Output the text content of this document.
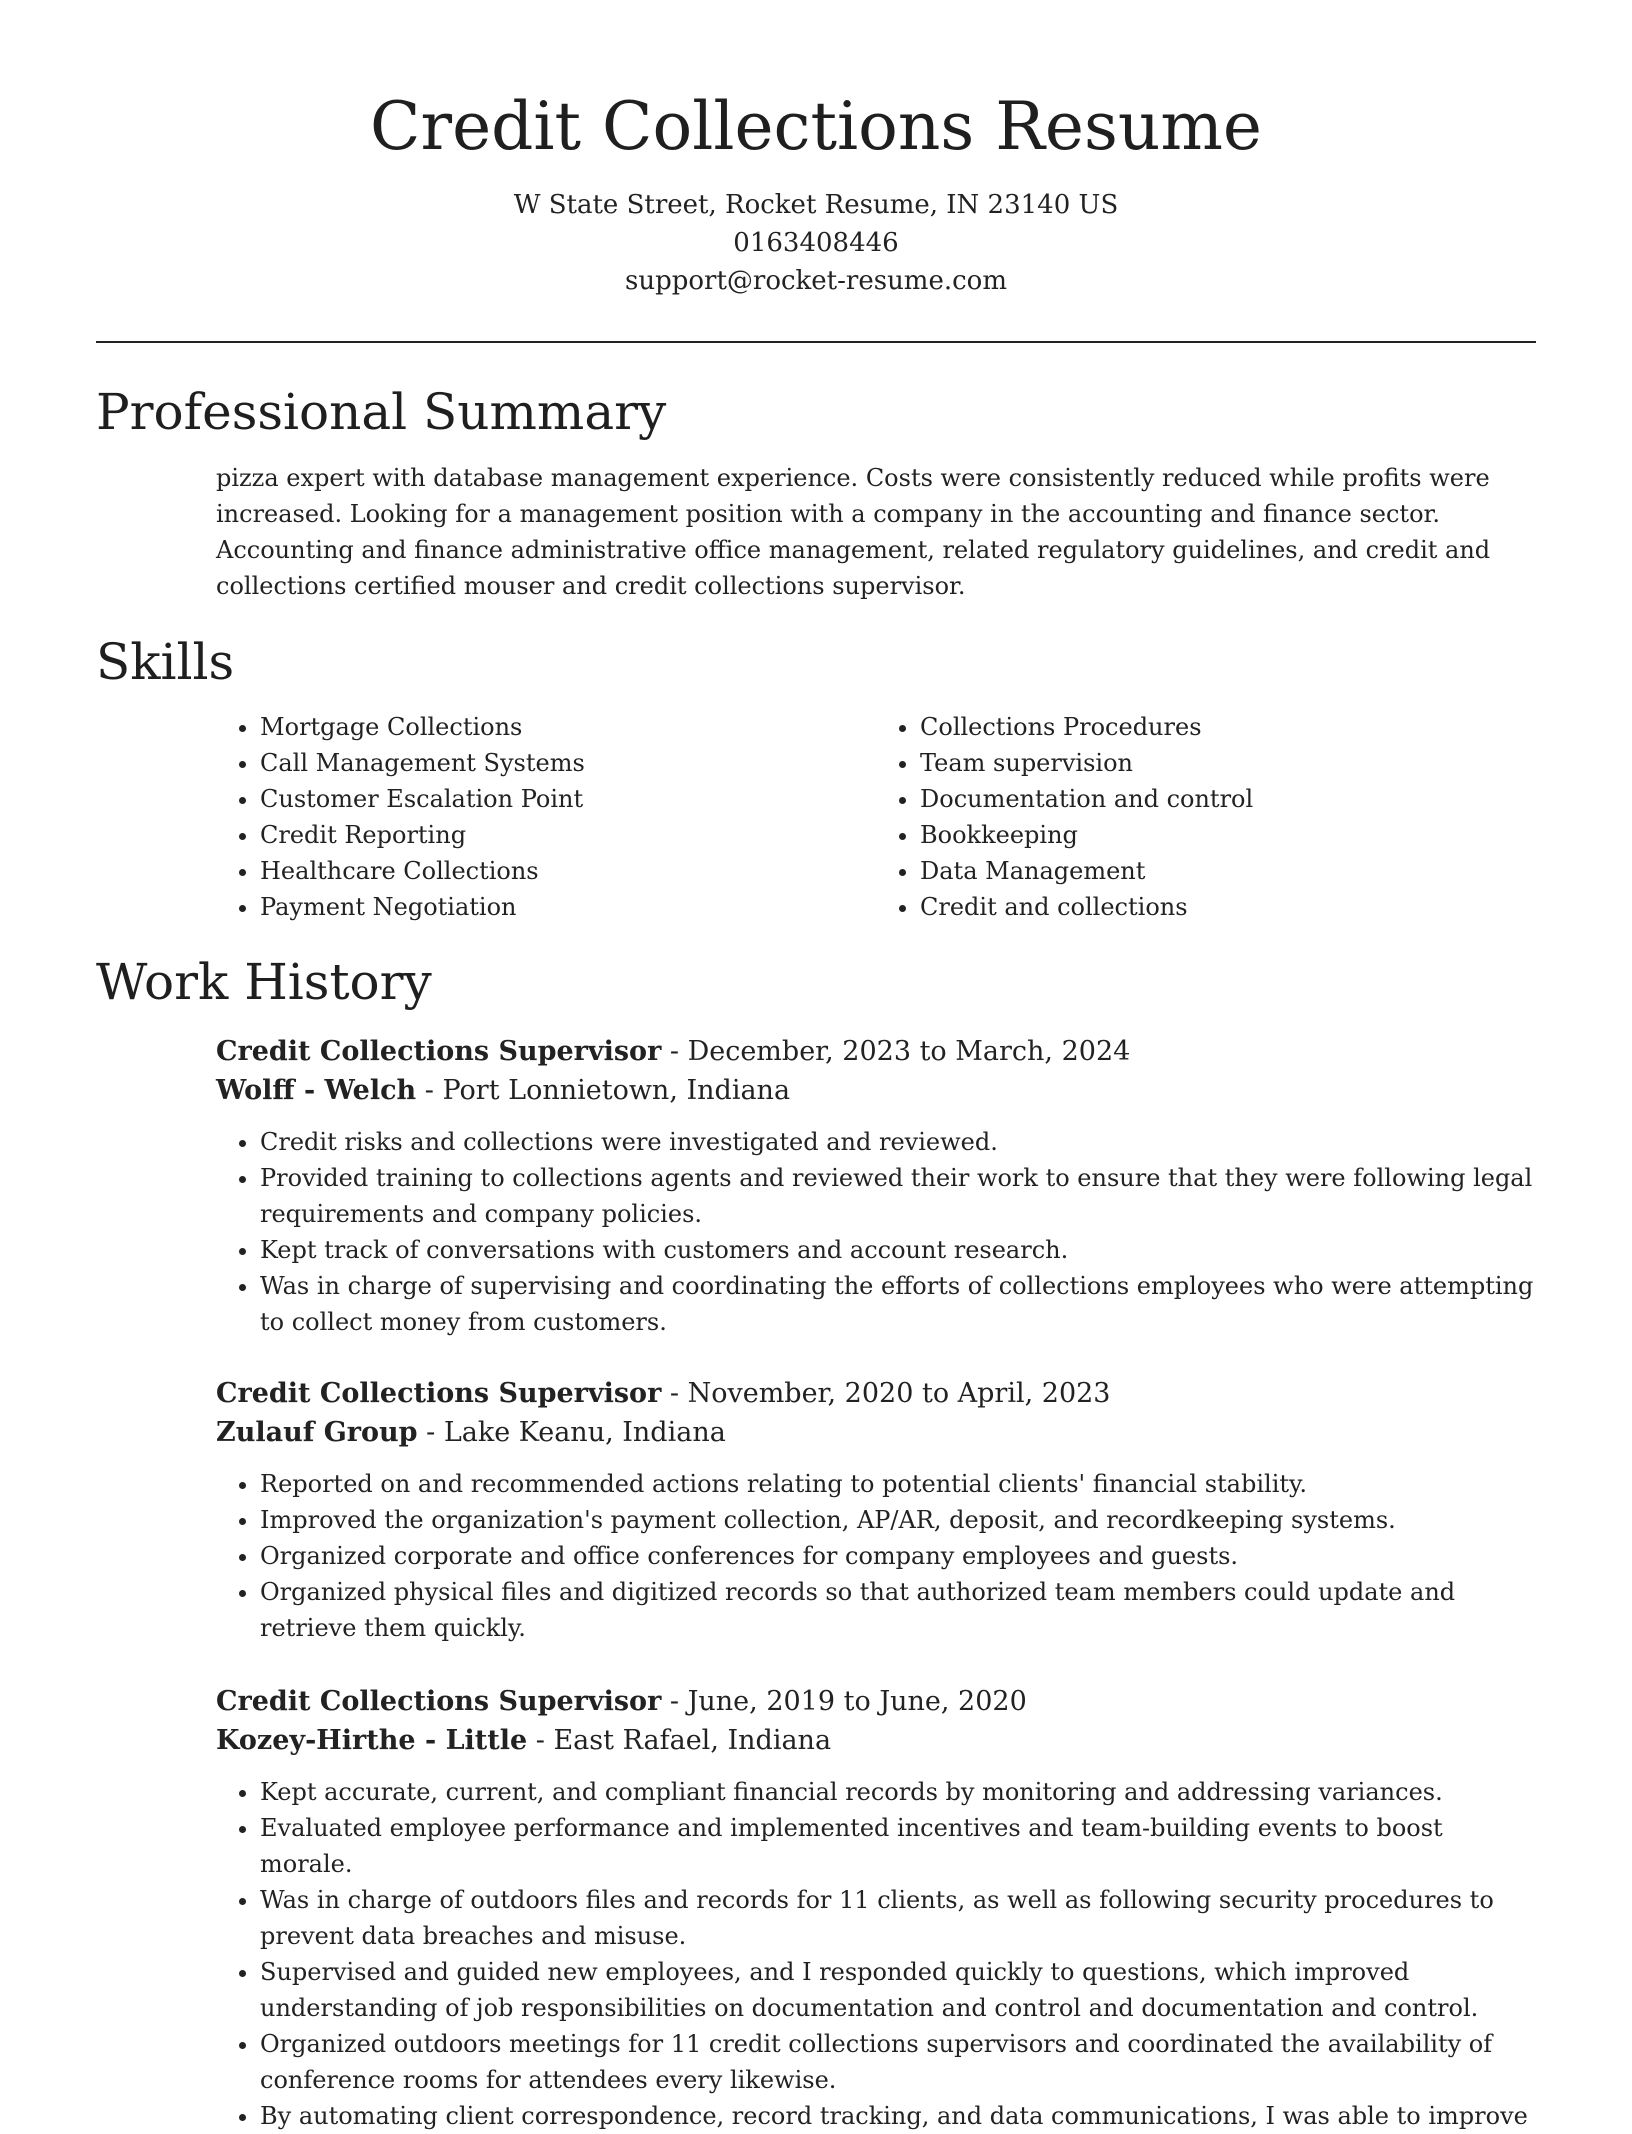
Credit Collections Resume
W State Street, Rocket Resume, IN 23140 US
0163408446
support@rocket-resume.com
Professional Summary

pizza expert with database management experience. Costs were consistently reduced while profits were increased. Looking for a management position with a company in the accounting and finance sector. Accounting and finance administrative office management, related regulatory guidelines, and credit and collections certified mouser and credit collections supervisor.

Skills
• Mortgage Collections
• Call Management Systems
• Customer Escalation Point
• Credit Reporting
• Healthcare Collections
• Payment Negotiation
• Collections Procedures
• Team supervision
• Documentation and control
• Bookkeeping
• Data Management
• Credit and collections
Work History
Credit Collections Supervisor - December, 2023 to March, 2024
Wolff - Welch - Port Lonnietown, Indiana
• Credit risks and collections were investigated and reviewed.
• Provided training to collections agents and reviewed their work to ensure that they were following legal requirements and company policies.
• Kept track of conversations with customers and account research.
• Was in charge of supervising and coordinating the efforts of collections employees who were attempting to collect money from customers.
Credit Collections Supervisor - November, 2020 to April, 2023
Zulauf Group - Lake Keanu, Indiana
• Reported on and recommended actions relating to potential clients' financial stability.
• Improved the organization's payment collection, AP/AR, deposit, and recordkeeping systems.
• Organized corporate and office conferences for company employees and guests.
• Organized physical files and digitized records so that authorized team members could update and retrieve them quickly.
Credit Collections Supervisor - June, 2019 to June, 2020
Kozey-Hirthe - Little - East Rafael, Indiana
• Kept accurate, current, and compliant financial records by monitoring and addressing variances.
• Evaluated employee performance and implemented incentives and team-building events to boost morale.
• Was in charge of outdoors files and records for 11 clients, as well as following security procedures to prevent data breaches and misuse.
• Supervised and guided new employees, and I responded quickly to questions, which improved understanding of job responsibilities on documentation and control and documentation and control.
• Organized outdoors meetings for 11 credit collections supervisors and coordinated the availability of conference rooms for attendees every likewise.
• By automating client correspondence, record tracking, and data communications, I was able to improve
